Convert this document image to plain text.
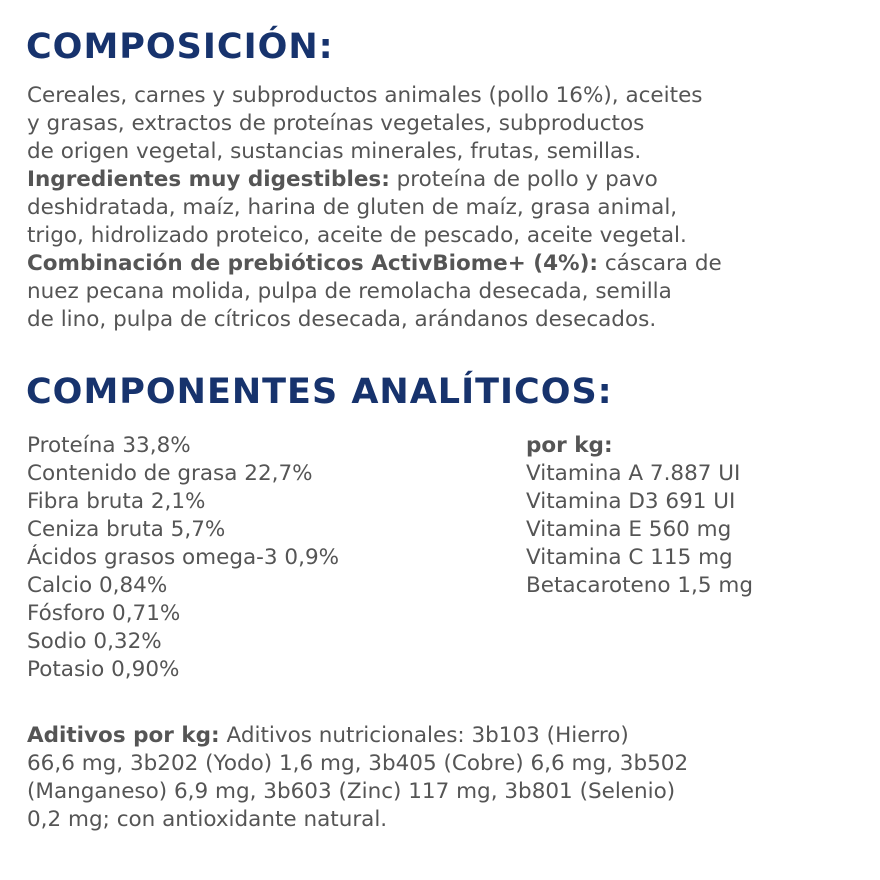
COMPOSICIÓN:
Cereales, carnes y subproductos animales (pollo 16%), aceites
y grasas, extractos de proteínas vegetales, subproductos
de origen vegetal, sustancias minerales, frutas, semillas.
Ingredientes muy digestibles: proteína de pollo y pavo
deshidratada, maíz, harina de gluten de maíz, grasa animal,
trigo, hidrolizado proteico, aceite de pescado, aceite vegetal.
Combinación de prebióticos ActivBiome+ (4%): cáscara de
nuez pecana molida, pulpa de remolacha desecada, semilla
de lino, pulpa de cítricos desecada, arándanos desecados.
COMPONENTES ANALÍTICOS:
Proteína 33,8%
Contenido de grasa 22,7%
Fibra bruta 2,1%
Ceniza bruta 5,7%
Ácidos grasos omega-3 0,9%
Calcio 0,84%
Fósforo 0,71%
Sodio 0,32%
Potasio 0,90%
por kg:
Vitamina A 7.887 UI
Vitamina D3 691 UI
Vitamina E 560 mg
Vitamina C 115 mg
Betacaroteno 1,5 mg
Aditivos por kg: Aditivos nutricionales: 3b103 (Hierro)
66,6 mg, 3b202 (Yodo) 1,6 mg, 3b405 (Cobre) 6,6 mg, 3b502
(Manganeso) 6,9 mg, 3b603 (Zinc) 117 mg, 3b801 (Selenio)
0,2 mg; con antioxidante natural.
